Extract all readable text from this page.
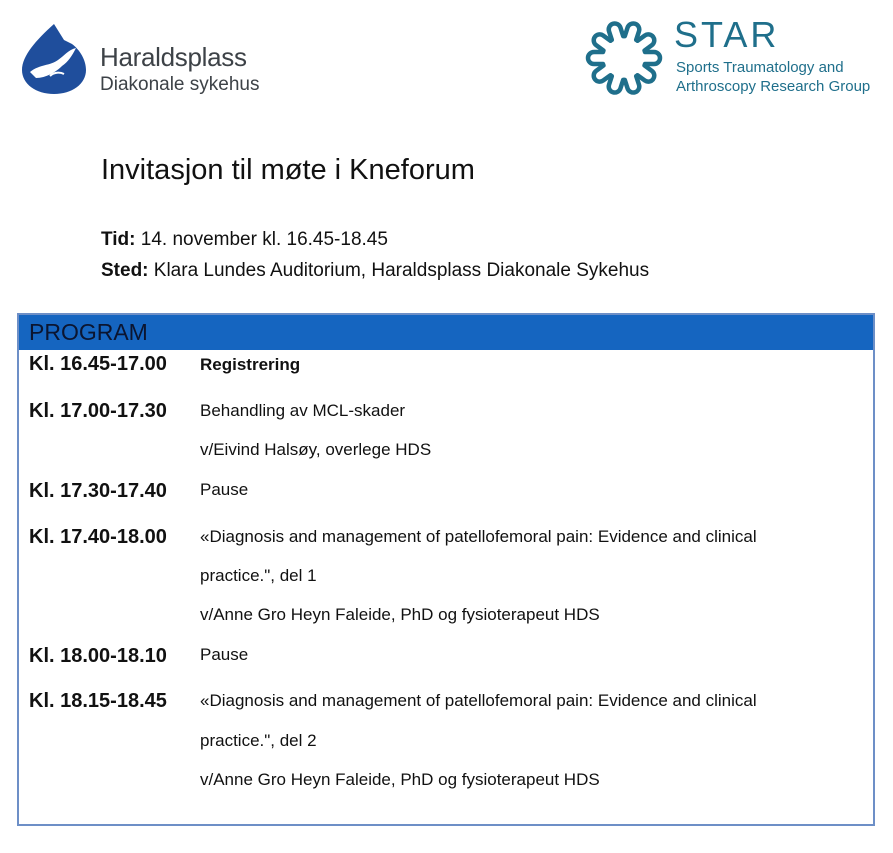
Haraldsplass
Diakonale sykehus
STAR
Sports Traumatology and
Arthroscopy Research Group
Invitasjon til møte i Kneforum
Tid: 14. november kl. 16.45-18.45
Sted: Klara Lundes Auditorium, Haraldsplass Diakonale Sykehus
PROGRAM
Kl. 16.45-17.00 Registrering
Kl. 17.00-17.30 Behandling av MCL-skader
v/Eivind Halsøy, overlege HDS
Kl. 17.30-17.40 Pause
Kl. 17.40-18.00 «Diagnosis and management of patellofemoral pain: Evidence and clinical
practice.", del 1
v/Anne Gro Heyn Faleide, PhD og fysioterapeut HDS
Kl. 18.00-18.10 Pause
Kl. 18.15-18.45 «Diagnosis and management of patellofemoral pain: Evidence and clinical
practice.", del 2
v/Anne Gro Heyn Faleide, PhD og fysioterapeut HDS
